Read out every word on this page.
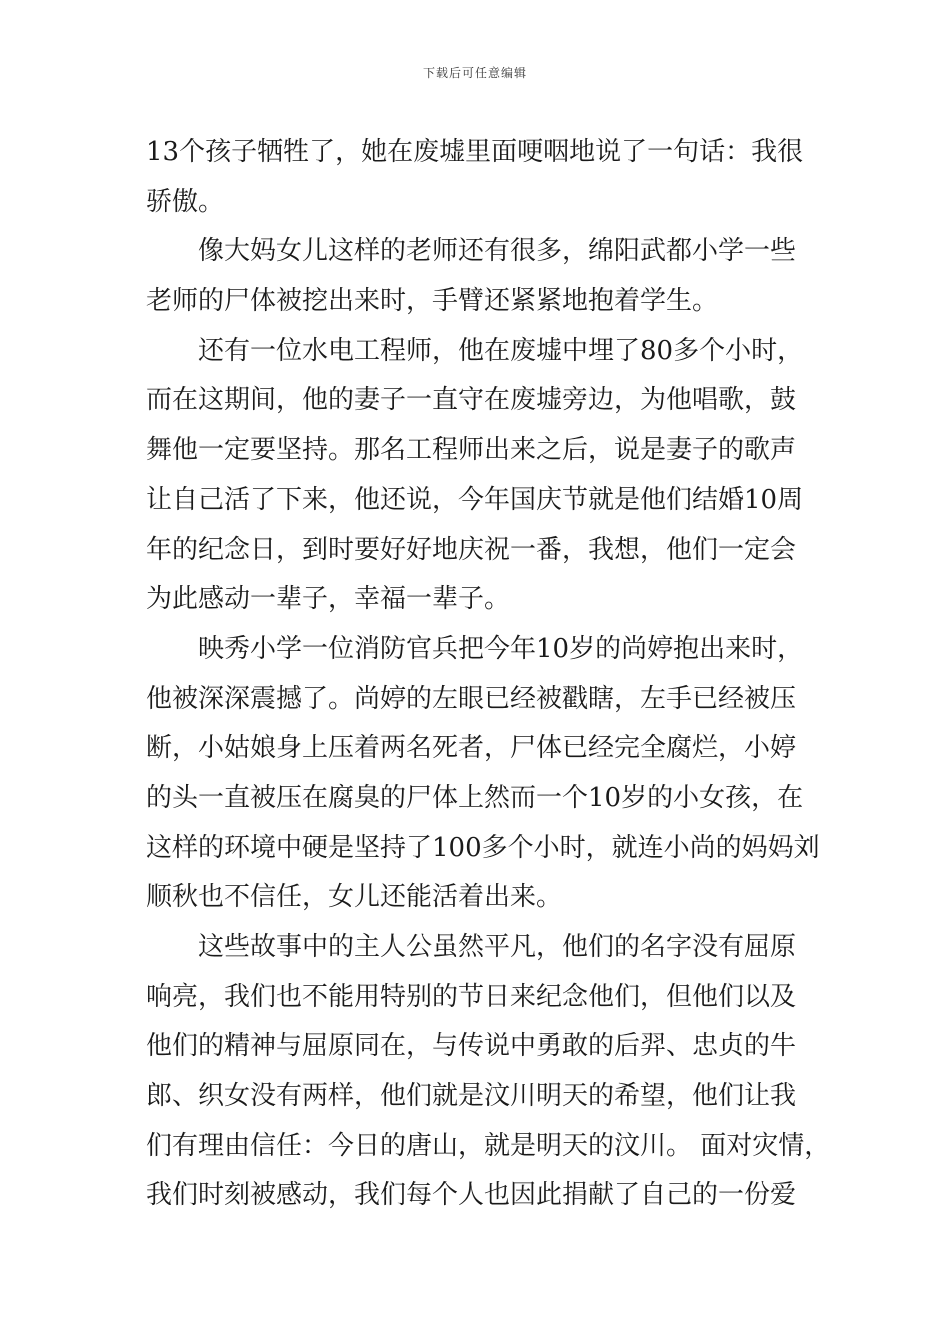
下载后可任意编辑
13个孩子牺牲了，她在废墟里面哽咽地说了一句话：我很
骄傲。
像大妈女儿这样的老师还有很多，绵阳武都小学一些
老师的尸体被挖出来时，手臂还紧紧地抱着学生。
还有一位水电工程师，他在废墟中埋了80多个小时，
而在这期间，他的妻子一直守在废墟旁边，为他唱歌，鼓
舞他一定要坚持。那名工程师出来之后，说是妻子的歌声
让自己活了下来，他还说，今年国庆节就是他们结婚10周
年的纪念日，到时要好好地庆祝一番，我想，他们一定会
为此感动一辈子，幸福一辈子。
映秀小学一位消防官兵把今年10岁的尚婷抱出来时，
他被深深震撼了。尚婷的左眼已经被戳瞎，左手已经被压
断，小姑娘身上压着两名死者，尸体已经完全腐烂，小婷
的头一直被压在腐臭的尸体上然而一个10岁的小女孩，在
这样的环境中硬是坚持了100多个小时，就连小尚的妈妈刘
顺秋也不信任，女儿还能活着出来。
这些故事中的主人公虽然平凡，他们的名字没有屈原
响亮，我们也不能用特别的节日来纪念他们，但他们以及
他们的精神与屈原同在，与传说中勇敢的后羿、忠贞的牛
郎、织女没有两样，他们就是汶川明天的希望，他们让我
们有理由信任：今日的唐山，就是明天的汶川。 面对灾情，
我们时刻被感动，我们每个人也因此捐献了自己的一份爱
